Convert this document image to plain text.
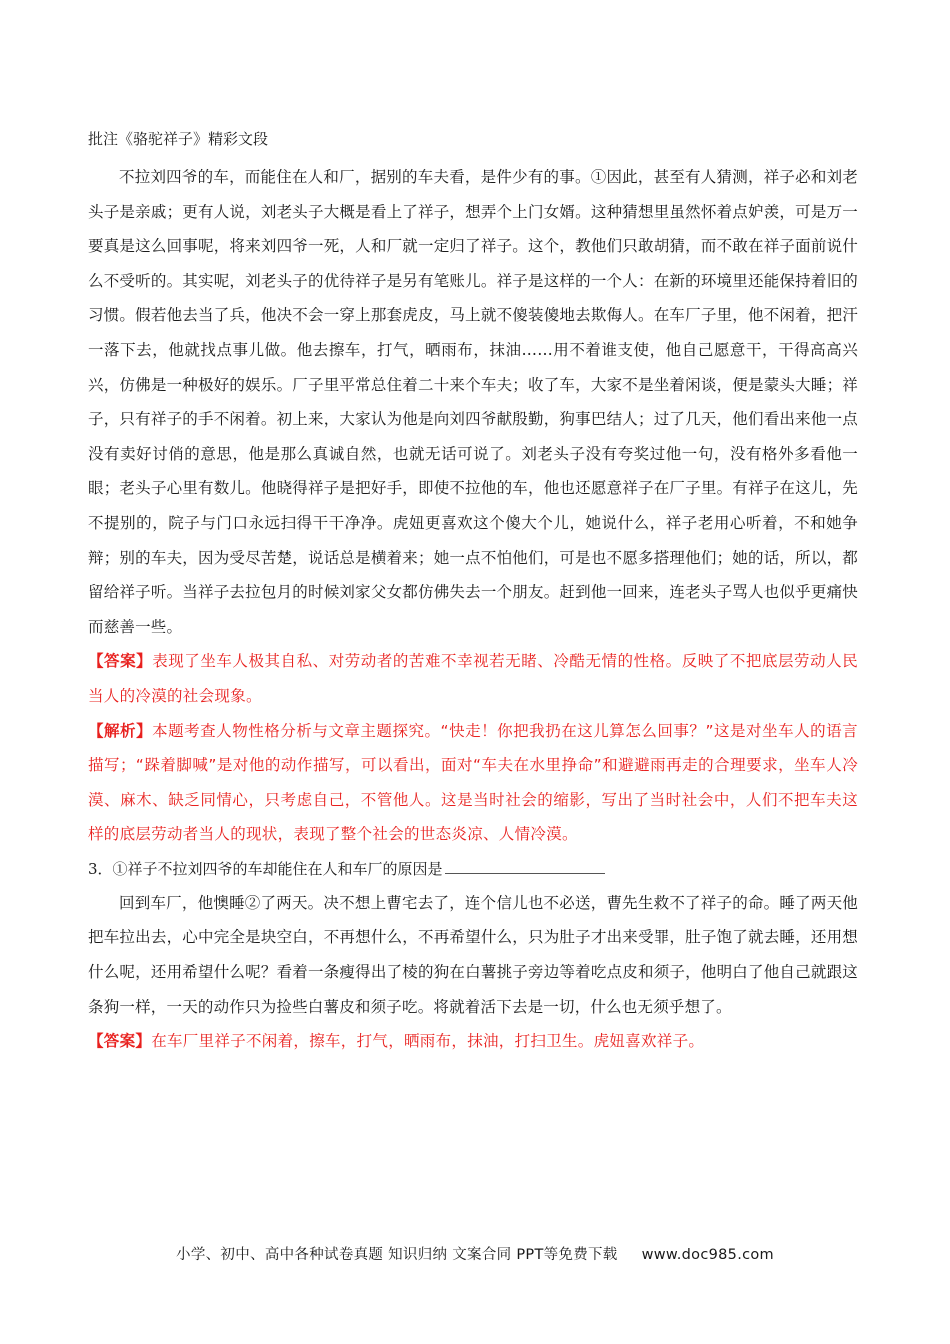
批注《骆驼祥子》精彩文段

不拉刘四爷的车，而能住在人和厂，据别的车夫看，是件少有的事。①因此，甚至有人猜测，祥子必和刘老头子是亲戚；更有人说，刘老头子大概是看上了祥子，想弄个上门女婿。这种猜想里虽然怀着点妒羡，可是万一要真是这么回事呢，将来刘四爷一死，人和厂就一定归了祥子。这个，教他们只敢胡猜，而不敢在祥子面前说什么不受听的。其实呢，刘老头子的优待祥子是另有笔账儿。祥子是这样的一个人：在新的环境里还能保持着旧的习惯。假若他去当了兵，他决不会一穿上那套虎皮，马上就不傻装傻地去欺侮人。在车厂子里，他不闲着，把汗一落下去，他就找点事儿做。他去擦车，打气，晒雨布，抹油……用不着谁支使，他自己愿意干，干得高高兴兴，仿佛是一种极好的娱乐。厂子里平常总住着二十来个车夫；收了车，大家不是坐着闲谈，便是蒙头大睡；祥子，只有祥子的手不闲着。初上来，大家认为他是向刘四爷献殷勤，狗事巴结人；过了几天，他们看出来他一点没有卖好讨俏的意思，他是那么真诚自然，也就无话可说了。刘老头子没有夸奖过他一句，没有格外多看他一眼；老头子心里有数儿。他晓得祥子是把好手，即使不拉他的车，他也还愿意祥子在厂子里。有祥子在这儿，先不提别的，院子与门口永远扫得干干净净。虎妞更喜欢这个傻大个儿，她说什么，祥子老用心听着，不和她争辩；别的车夫，因为受尽苦楚，说话总是横着来；她一点不怕他们，可是也不愿多搭理他们；她的话，所以，都留给祥子听。当祥子去拉包月的时候刘家父女都仿佛失去一个朋友。赶到他一回来，连老头子骂人也似乎更痛快而慈善一些。

【答案】表现了坐车人极其自私、对劳动者的苦难不幸视若无睹、冷酷无情的性格。反映了不把底层劳动人民当人的冷漠的社会现象。

【解析】本题考查人物性格分析与文章主题探究。“快走！你把我扔在这儿算怎么回事？”这是对坐车人的语言描写；“跺着脚喊”是对他的动作描写，可以看出，面对“车夫在水里挣命”和避避雨再走的合理要求，坐车人冷漠、麻木、缺乏同情心，只考虑自己，不管他人。这是当时社会的缩影，写出了当时社会中，人们不把车夫这样的底层劳动者当人的现状，表现了整个社会的世态炎凉、人情冷漠。

3．①祥子不拉刘四爷的车却能住在人和车厂的原因是

回到车厂，他懊睡②了两天。决不想上曹宅去了，连个信儿也不必送，曹先生救不了祥子的命。睡了两天他把车拉出去，心中完全是块空白，不再想什么，不再希望什么，只为肚子才出来受罪，肚子饱了就去睡，还用想什么呢，还用希望什么呢？看着一条瘦得出了棱的狗在白薯挑子旁边等着吃点皮和须子，他明白了他自己就跟这条狗一样，一天的动作只为捡些白薯皮和须子吃。将就着活下去是一切，什么也无须乎想了。

【答案】在车厂里祥子不闲着，擦车，打气，晒雨布，抹油，打扫卫生。虎妞喜欢祥子。

小学、初中、高中各种试卷真题 知识归纳 文案合同 PPT等免费下载 www.doc985.com
